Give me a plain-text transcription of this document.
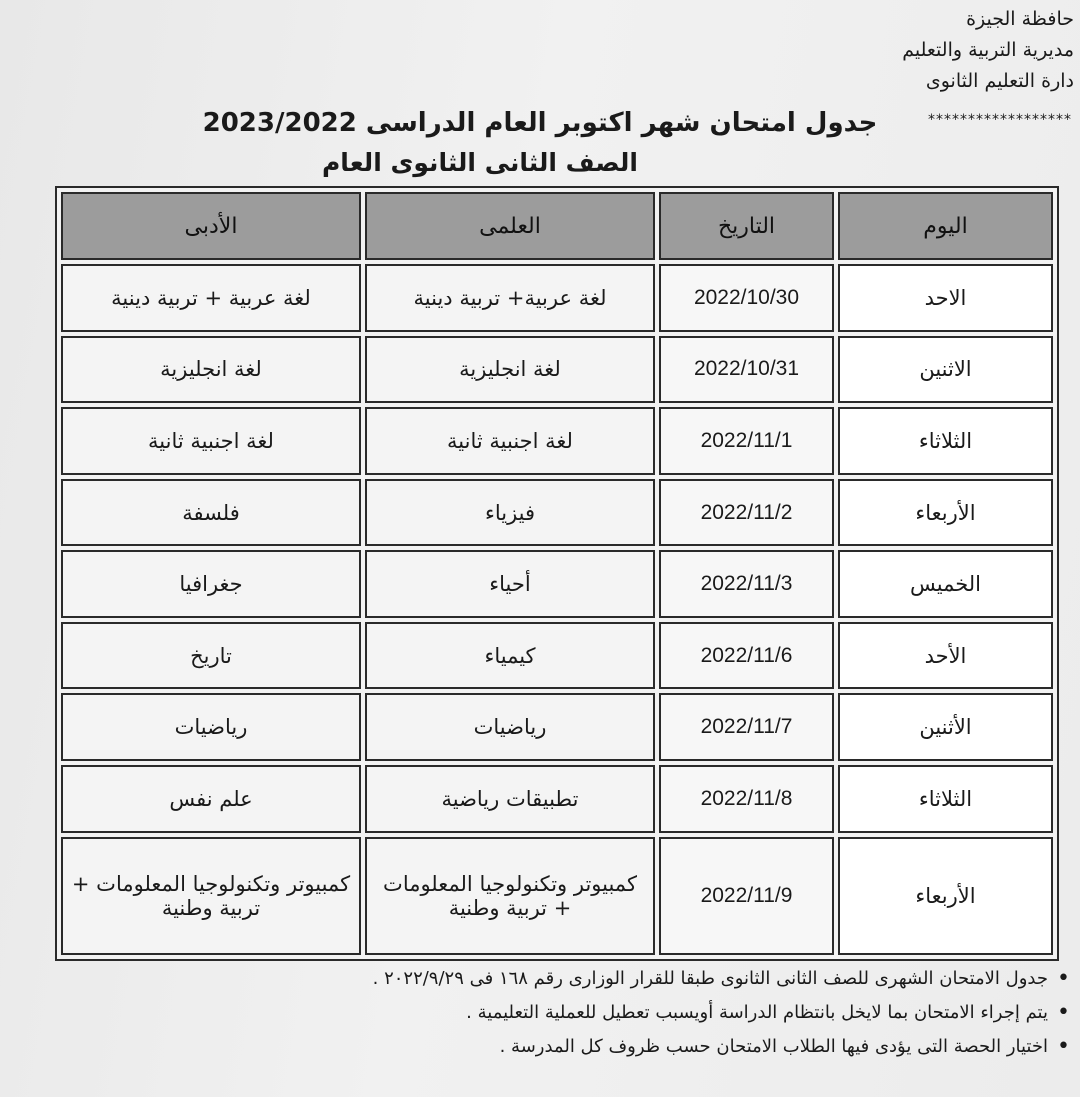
حافظة الجيزة
مديرية التربية والتعليم
دارة التعليم الثانوى
******************
جدول امتحان شهر اكتوبر العام الدراسى 2023/2022
الصف الثانى الثانوى العام
اليوم	التاريخ	العلمى	الأدبى
الاحد	2022/10/30	لغة عربية+ تربية دينية	لغة عربية + تربية دينية
الاثنين	2022/10/31	لغة انجليزية	لغة انجليزية
الثلاثاء	2022/11/1	لغة اجنبية ثانية	لغة اجنبية ثانية
الأربعاء	2022/11/2	فيزياء	فلسفة
الخميس	2022/11/3	أحياء	جغرافيا
الأحد	2022/11/6	كيمياء	تاريخ
الأثنين	2022/11/7	رياضيات	رياضيات
الثلاثاء	2022/11/8	تطبيقات رياضية	علم نفس
الأربعاء	2022/11/9	كمبيوتر وتكنولوجيا المعلومات + تربية وطنية	كمبيوتر وتكنولوجيا المعلومات + تربية وطنية
• جدول الامتحان الشهرى للصف الثانى الثانوى طبقا للقرار الوزارى رقم ١٦٨ فى ٢٠٢٢/٩/٢٩ .
• يتم إجراء الامتحان بما لايخل بانتظام الدراسة أويسبب تعطيل للعملية التعليمية .
• اختيار الحصة التى يؤدى فيها الطلاب الامتحان حسب ظروف كل المدرسة .
